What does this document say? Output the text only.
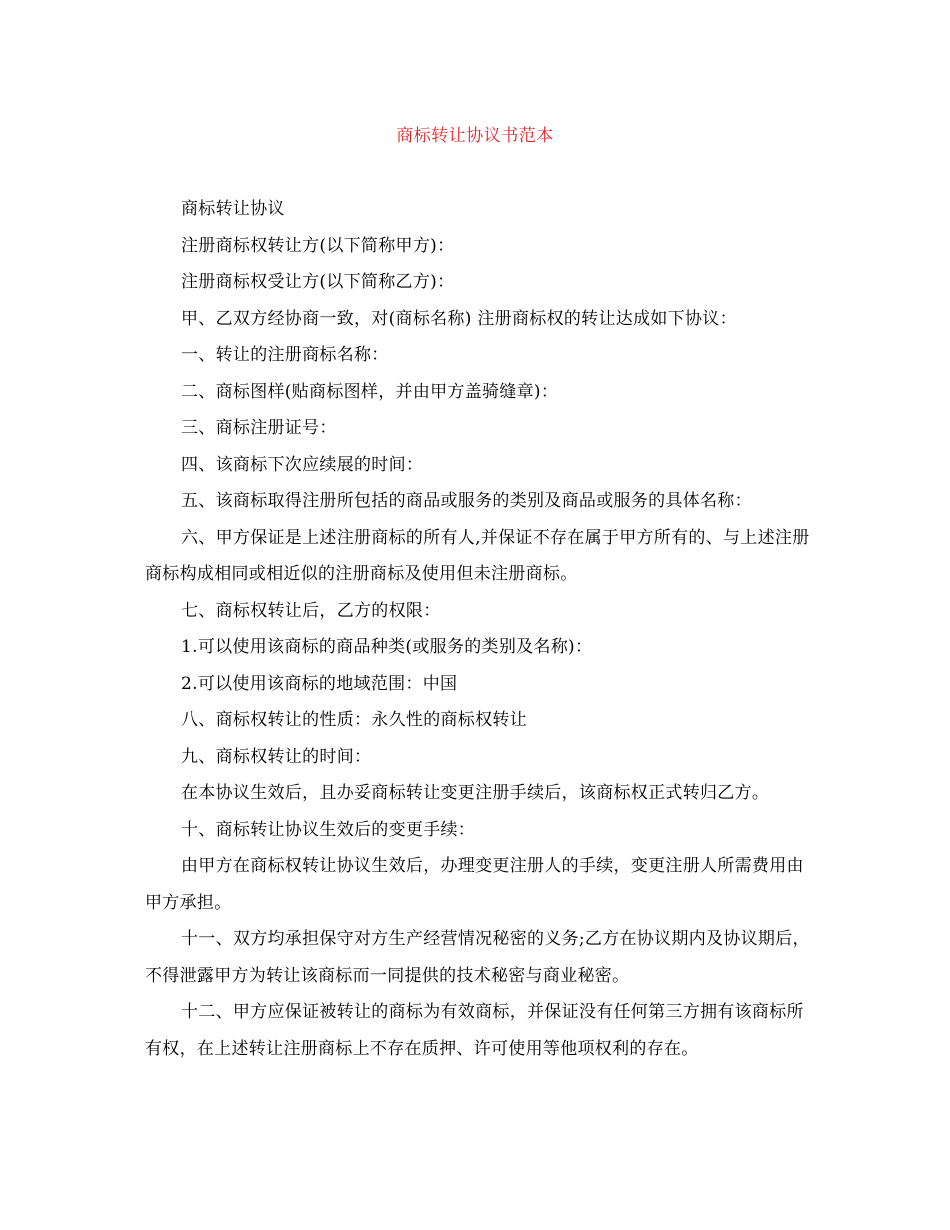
商标转让协议书范本

商标转让协议

注册商标权转让方(以下简称甲方)：

注册商标权受让方(以下简称乙方)：

甲、乙双方经协商一致，对(商标名称) 注册商标权的转让达成如下协议：

一、转让的注册商标名称：

二、商标图样(贴商标图样，并由甲方盖骑缝章)：

三、商标注册证号：

四、该商标下次应续展的时间：

五、该商标取得注册所包括的商品或服务的类别及商品或服务的具体名称：

六、甲方保证是上述注册商标的所有人,并保证不存在属于甲方所有的、与上述注册商标构成相同或相近似的注册商标及使用但未注册商标。

七、商标权转让后，乙方的权限：

1.可以使用该商标的商品种类(或服务的类别及名称)：

2.可以使用该商标的地域范围：中国

八、商标权转让的性质：永久性的商标权转让

九、商标权转让的时间：

在本协议生效后，且办妥商标转让变更注册手续后，该商标权正式转归乙方。

十、商标转让协议生效后的变更手续：

由甲方在商标权转让协议生效后，办理变更注册人的手续，变更注册人所需费用由甲方承担。

十一、双方均承担保守对方生产经营情况秘密的义务;乙方在协议期内及协议期后，不得泄露甲方为转让该商标而一同提供的技术秘密与商业秘密。

十二、甲方应保证被转让的商标为有效商标，并保证没有任何第三方拥有该商标所有权，在上述转让注册商标上不存在质押、许可使用等他项权利的存在。
